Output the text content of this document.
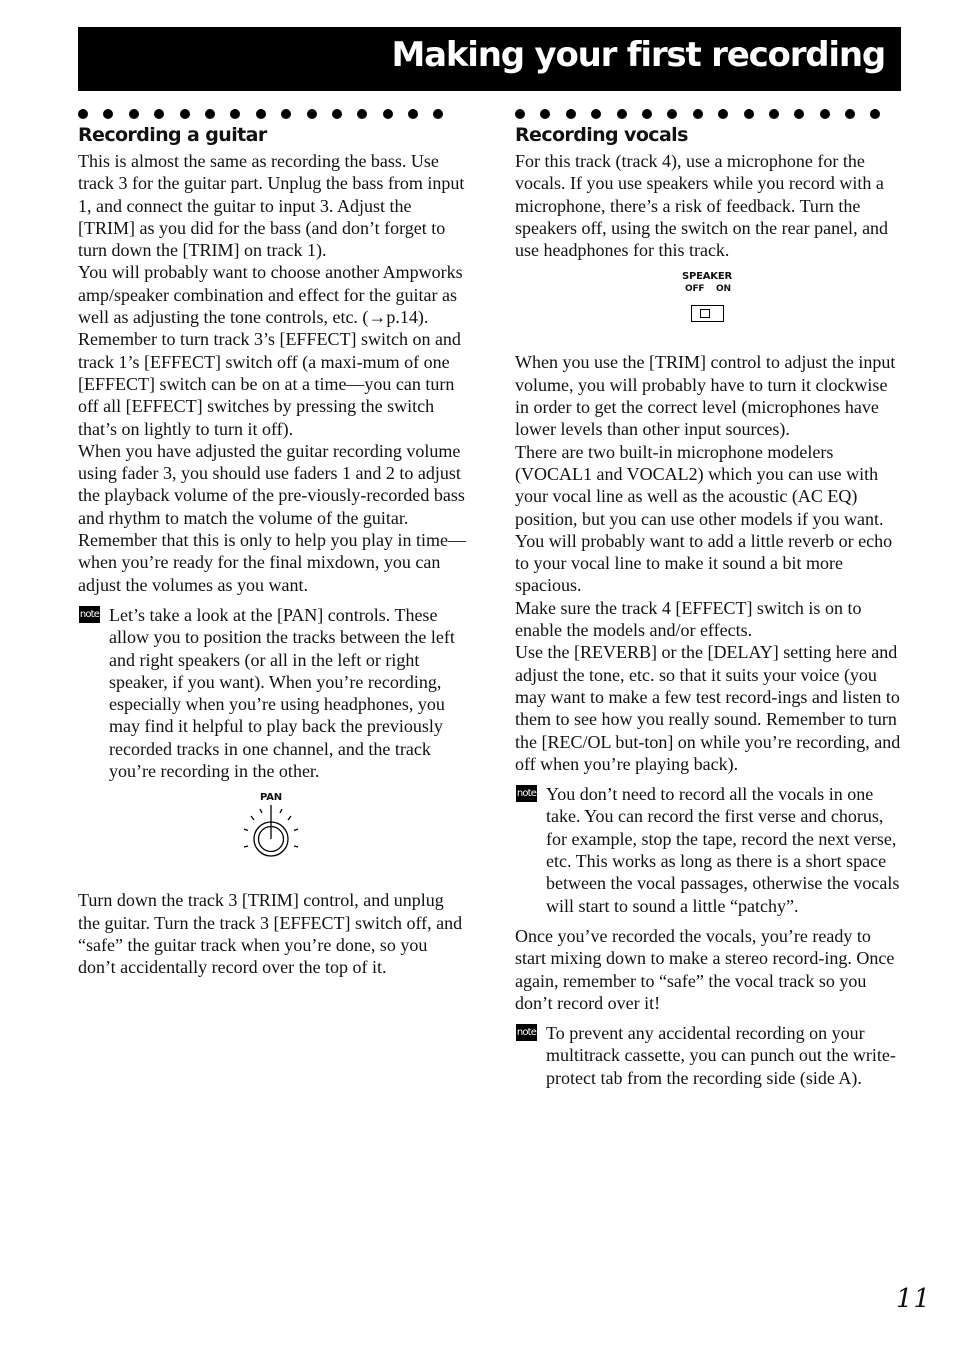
Making your first recording
Recording a guitar

This is almost the same as recording the bass. Use track 3 for the guitar part. Unplug the bass from input 1, and connect the guitar to input 3. Adjust the [TRIM] as you did for the bass (and don’t forget to turn down the [TRIM] on track 1).

You will probably want to choose another Ampworks amp/speaker combination and effect for the guitar as well as adjusting the tone controls, etc. (→p.14).

Remember to turn track 3’s [EFFECT] switch on and track 1’s [EFFECT] switch off (a maxi-mum of one [EFFECT] switch can be on at a time—you can turn off all [EFFECT] switches by pressing the switch that’s on lightly to turn it off).

When you have adjusted the guitar recording volume using fader 3, you should use faders 1 and 2 to adjust the playback volume of the pre-viously-recorded bass and rhythm to match the volume of the guitar. Remember that this is only to help you play in time—when you’re ready for the final mixdown, you can adjust the volumes as you want.

note Let’s take a look at the [PAN] controls. These allow you to position the tracks between the left and right speakers (or all in the left or right speaker, if you want). When you’re recording, especially when you’re using headphones, you may find it helpful to play back the previously recorded tracks in one channel, and the track you’re recording in the other.

PAN

Turn down the track 3 [TRIM] control, and unplug the guitar. Turn the track 3 [EFFECT] switch off, and “safe” the guitar track when you’re done, so you don’t accidentally record over the top of it.

Recording vocals

For this track (track 4), use a microphone for the vocals. If you use speakers while you record with a microphone, there’s a risk of feedback. Turn the speakers off, using the switch on the rear panel, and use headphones for this track.

SPEAKER
OFF ON

When you use the [TRIM] control to adjust the input volume, you will probably have to turn it clockwise in order to get the correct level (microphones have lower levels than other input sources).

There are two built-in microphone modelers (VOCAL1 and VOCAL2) which you can use with your vocal line as well as the acoustic (AC EQ) position, but you can use other models if you want.

You will probably want to add a little reverb or echo to your vocal line to make it sound a bit more spacious.

Make sure the track 4 [EFFECT] switch is on to enable the models and/or effects.

Use the [REVERB] or the [DELAY] setting here and adjust the tone, etc. so that it suits your voice (you may want to make a few test record-ings and listen to them to see how you really sound. Remember to turn the [REC/OL but-ton] on while you’re recording, and off when you’re playing back).

note You don’t need to record all the vocals in one take. You can record the first verse and chorus, for example, stop the tape, record the next verse, etc. This works as long as there is a short space between the vocal passages, otherwise the vocals will start to sound a little “patchy”.

Once you’ve recorded the vocals, you’re ready to start mixing down to make a stereo record-ing. Once again, remember to “safe” the vocal track so you don’t record over it!

note To prevent any accidental recording on your multitrack cassette, you can punch out the write-protect tab from the recording side (side A).

11
